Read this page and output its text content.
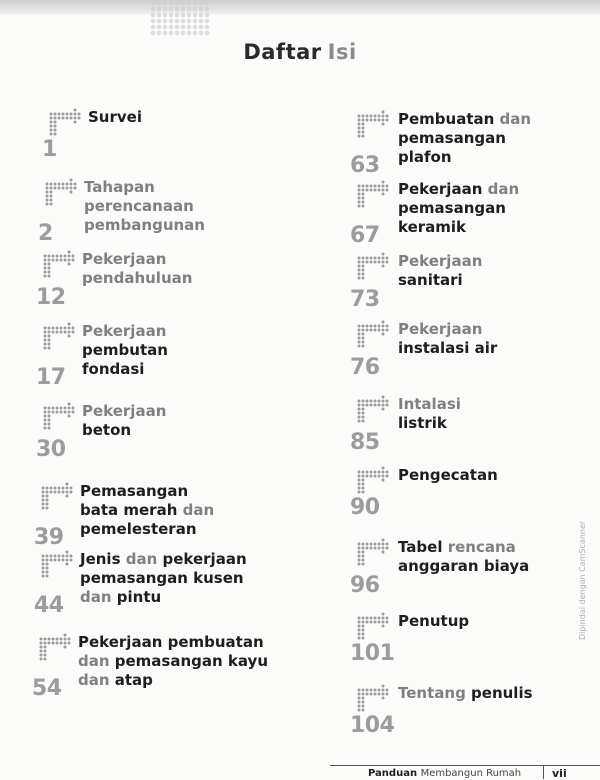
Daftar Isi
Survei
1
Tahapan
perencanaan
pembangunan
2
Pekerjaan
pendahuluan
12
Pekerjaan
pembutan
fondasi
17
Pekerjaan
beton
30
Pemasangan
bata merah dan
pemelesteran
39
Jenis dan pekerjaan
pemasangan kusen
dan pintu
44
Pekerjaan pembuatan
dan pemasangan kayu
dan atap
54
Pembuatan dan
pemasangan
plafon
63
Pekerjaan dan
pemasangan
keramik
67
Pekerjaan
sanitari
73
Pekerjaan
instalasi air
76
Intalasi
listrik
85
Pengecatan
90
Tabel rencana
anggaran biaya
96
Penutup
101
Tentang penulis
104
Panduan Membangun Rumah	vii
Dipindai dengan CamScanner
